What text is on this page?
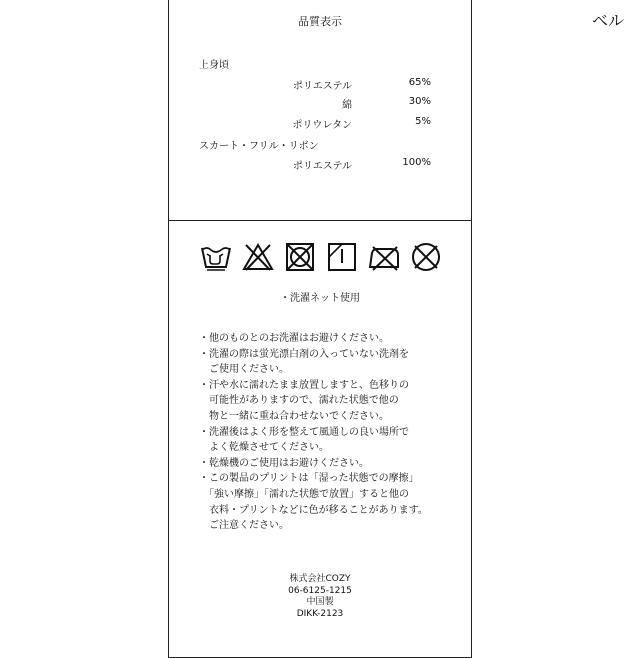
ベル
品質表示
上身頃
ポリエステル	65%
綿	30%
ポリウレタン	5%
スカート・フリル・リボン
ポリエステル	100%
・洗濯ネット使用
・他のものとのお洗濯はお避けください。
・洗濯の際は蛍光漂白剤の入っていない洗剤を
　ご使用ください。
・汗や水に濡れたまま放置しますと、色移りの
　可能性がありますので、濡れた状態で他の
　物と一緒に重ね合わせないでください。
・洗濯後はよく形を整えて風通しの良い場所で
　よく乾燥させてください。
・乾燥機のご使用はお避けください。
・この製品のプリントは「湿った状態での摩擦」
　「強い摩擦」「濡れた状態で放置」すると他の
　衣料・プリントなどに色が移ることがあります。
　ご注意ください。
株式会社COZY
06-6125-1215
中国製
DIKK-2123
